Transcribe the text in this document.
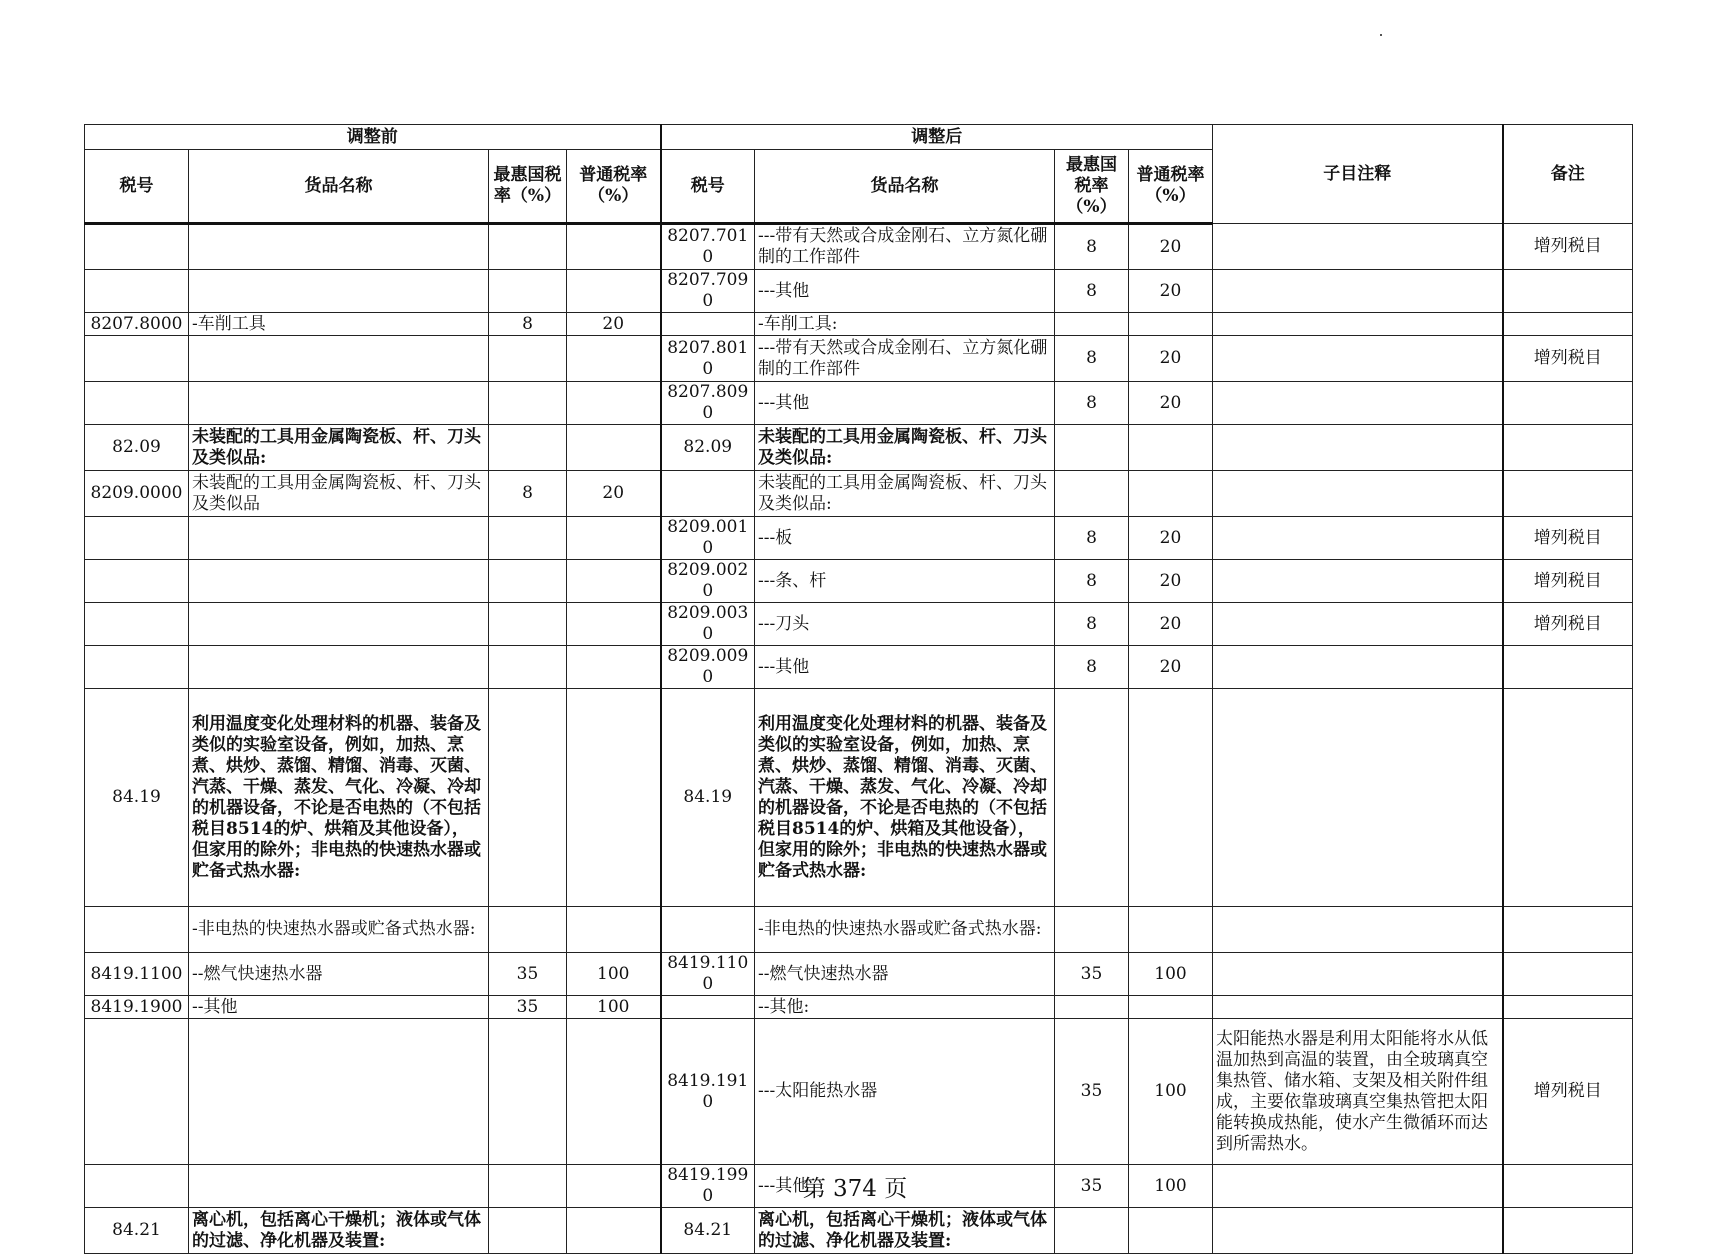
调整前				调整后				子目注释	备注
税号	货品名称	最惠国税率（%）	普通税率（%）	税号	货品名称	最惠国税率（%）	普通税率（%）		
				8207.7010	---带有天然或合成金刚石、立方氮化硼制的工作部件	8	20		增列税目
				8207.7090	---其他	8	20		
8207.8000	-车削工具	8	20		-车削工具:				
				8207.8010	---带有天然或合成金刚石、立方氮化硼制的工作部件	8	20		增列税目
				8207.8090	---其他	8	20		
82.09	未装配的工具用金属陶瓷板、杆、刀头及类似品:			82.09	未装配的工具用金属陶瓷板、杆、刀头及类似品:				
8209.0000	未装配的工具用金属陶瓷板、杆、刀头及类似品	8	20		未装配的工具用金属陶瓷板、杆、刀头及类似品:				
				8209.0010	---板	8	20		增列税目
				8209.0020	---条、杆	8	20		增列税目
				8209.0030	---刀头	8	20		增列税目
				8209.0090	---其他	8	20		
84.19	利用温度变化处理材料的机器、装备及类似的实验室设备，例如，加热、烹煮、烘炒、蒸馏、精馏、消毒、灭菌、汽蒸、干燥、蒸发、气化、冷凝、冷却的机器设备，不论是否电热的（不包括税目8514的炉、烘箱及其他设备），但家用的除外；非电热的快速热水器或贮备式热水器:			84.19	利用温度变化处理材料的机器、装备及类似的实验室设备，例如，加热、烹煮、烘炒、蒸馏、精馏、消毒、灭菌、汽蒸、干燥、蒸发、气化、冷凝、冷却的机器设备，不论是否电热的（不包括税目8514的炉、烘箱及其他设备），但家用的除外；非电热的快速热水器或贮备式热水器:				
	-非电热的快速热水器或贮备式热水器:				-非电热的快速热水器或贮备式热水器:				
8419.1100	--燃气快速热水器	35	100	8419.1100	--燃气快速热水器	35	100		
8419.1900	--其他	35	100		--其他:				
				8419.1910	---太阳能热水器	35	100	太阳能热水器是利用太阳能将水从低温加热到高温的装置，由全玻璃真空集热管、储水箱、支架及相关附件组成，主要依靠玻璃真空集热管把太阳能转换成热能，使水产生微循环而达到所需热水。	增列税目
				8419.1990	---其他	35	100		
84.21	离心机，包括离心干燥机；液体或气体的过滤、净化机器及装置:			84.21	离心机，包括离心干燥机；液体或气体的过滤、净化机器及装置:				
第 374 页
